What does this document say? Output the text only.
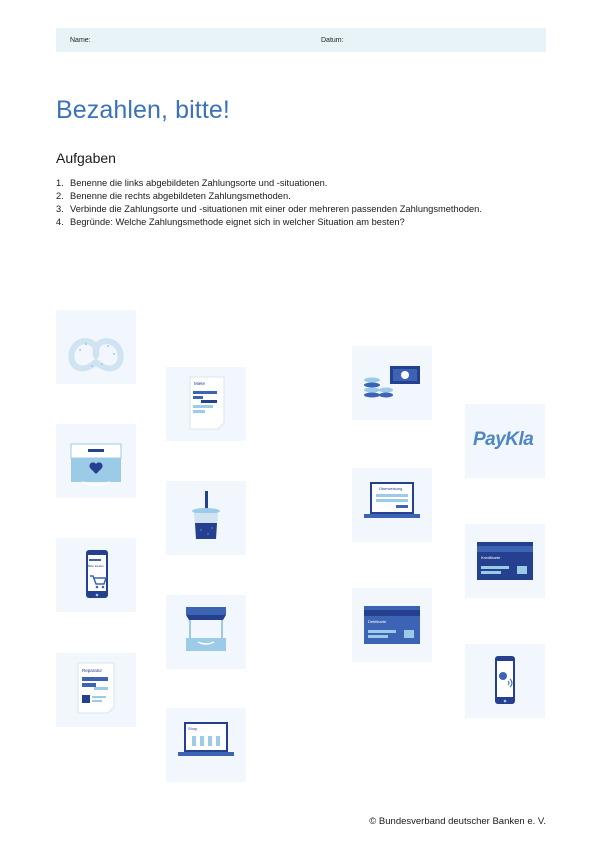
Name:	Datum:
Bezahlen, bitte!
Aufgaben
1. Benenne die links abgebildeten Zahlungsorte und -situationen.
2. Benenne die rechts abgebildeten Zahlungsmethoden.
3. Verbinde die Zahlungsorte und -situationen mit einer oder mehreren passenden Zahlungsmethoden.
4. Begründe: Welche Zahlungsmethode eignet sich in welcher Situation am besten?
Bitte kaufen
Reparatur
Miete
Shop
Überweisung
Debitkarte
PayKla
Kreditkarte
© Bundesverband deutscher Banken e. V.
